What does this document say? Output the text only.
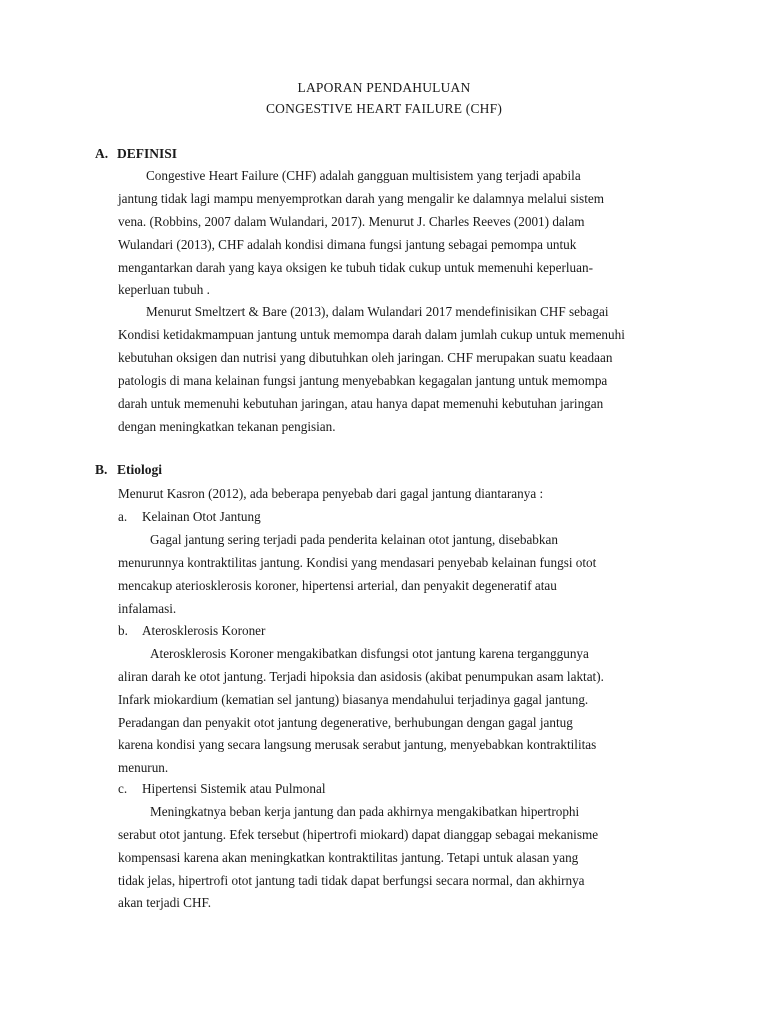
LAPORAN PENDAHULUAN
CONGESTIVE HEART FAILURE (CHF)
A. DEFINISI
Congestive Heart Failure (CHF) adalah gangguan multisistem yang terjadi apabila
jantung tidak lagi mampu menyemprotkan darah yang mengalir ke dalamnya melalui sistem
vena. (Robbins, 2007 dalam Wulandari, 2017). Menurut J. Charles Reeves (2001) dalam
Wulandari (2013), CHF adalah kondisi dimana fungsi jantung sebagai pemompa untuk
mengantarkan darah yang kaya oksigen ke tubuh tidak cukup untuk memenuhi keperluan-
keperluan tubuh .
Menurut Smeltzert & Bare (2013), dalam Wulandari 2017 mendefinisikan CHF sebagai
Kondisi ketidakmampuan jantung untuk memompa darah dalam jumlah cukup untuk memenuhi
kebutuhan oksigen dan nutrisi yang dibutuhkan oleh jaringan. CHF merupakan suatu keadaan
patologis di mana kelainan fungsi jantung menyebabkan kegagalan jantung untuk memompa
darah untuk memenuhi kebutuhan jaringan, atau hanya dapat memenuhi kebutuhan jaringan
dengan meningkatkan tekanan pengisian.
B. Etiologi
Menurut Kasron (2012), ada beberapa penyebab dari gagal jantung diantaranya :
a. Kelainan Otot Jantung
Gagal jantung sering terjadi pada penderita kelainan otot jantung, disebabkan
menurunnya kontraktilitas jantung. Kondisi yang mendasari penyebab kelainan fungsi otot
mencakup ateriosklerosis koroner, hipertensi arterial, dan penyakit degeneratif atau
infalamasi.
b. Aterosklerosis Koroner
Aterosklerosis Koroner mengakibatkan disfungsi otot jantung karena terganggunya
aliran darah ke otot jantung. Terjadi hipoksia dan asidosis (akibat penumpukan asam laktat).
Infark miokardium (kematian sel jantung) biasanya mendahului terjadinya gagal jantung.
Peradangan dan penyakit otot jantung degenerative, berhubungan dengan gagal jantug
karena kondisi yang secara langsung merusak serabut jantung, menyebabkan kontraktilitas
menurun.
c. Hipertensi Sistemik atau Pulmonal
Meningkatnya beban kerja jantung dan pada akhirnya mengakibatkan hipertrophi
serabut otot jantung. Efek tersebut (hipertrofi miokard) dapat dianggap sebagai mekanisme
kompensasi karena akan meningkatkan kontraktilitas jantung. Tetapi untuk alasan yang
tidak jelas, hipertrofi otot jantung tadi tidak dapat berfungsi secara normal, dan akhirnya
akan terjadi CHF.
